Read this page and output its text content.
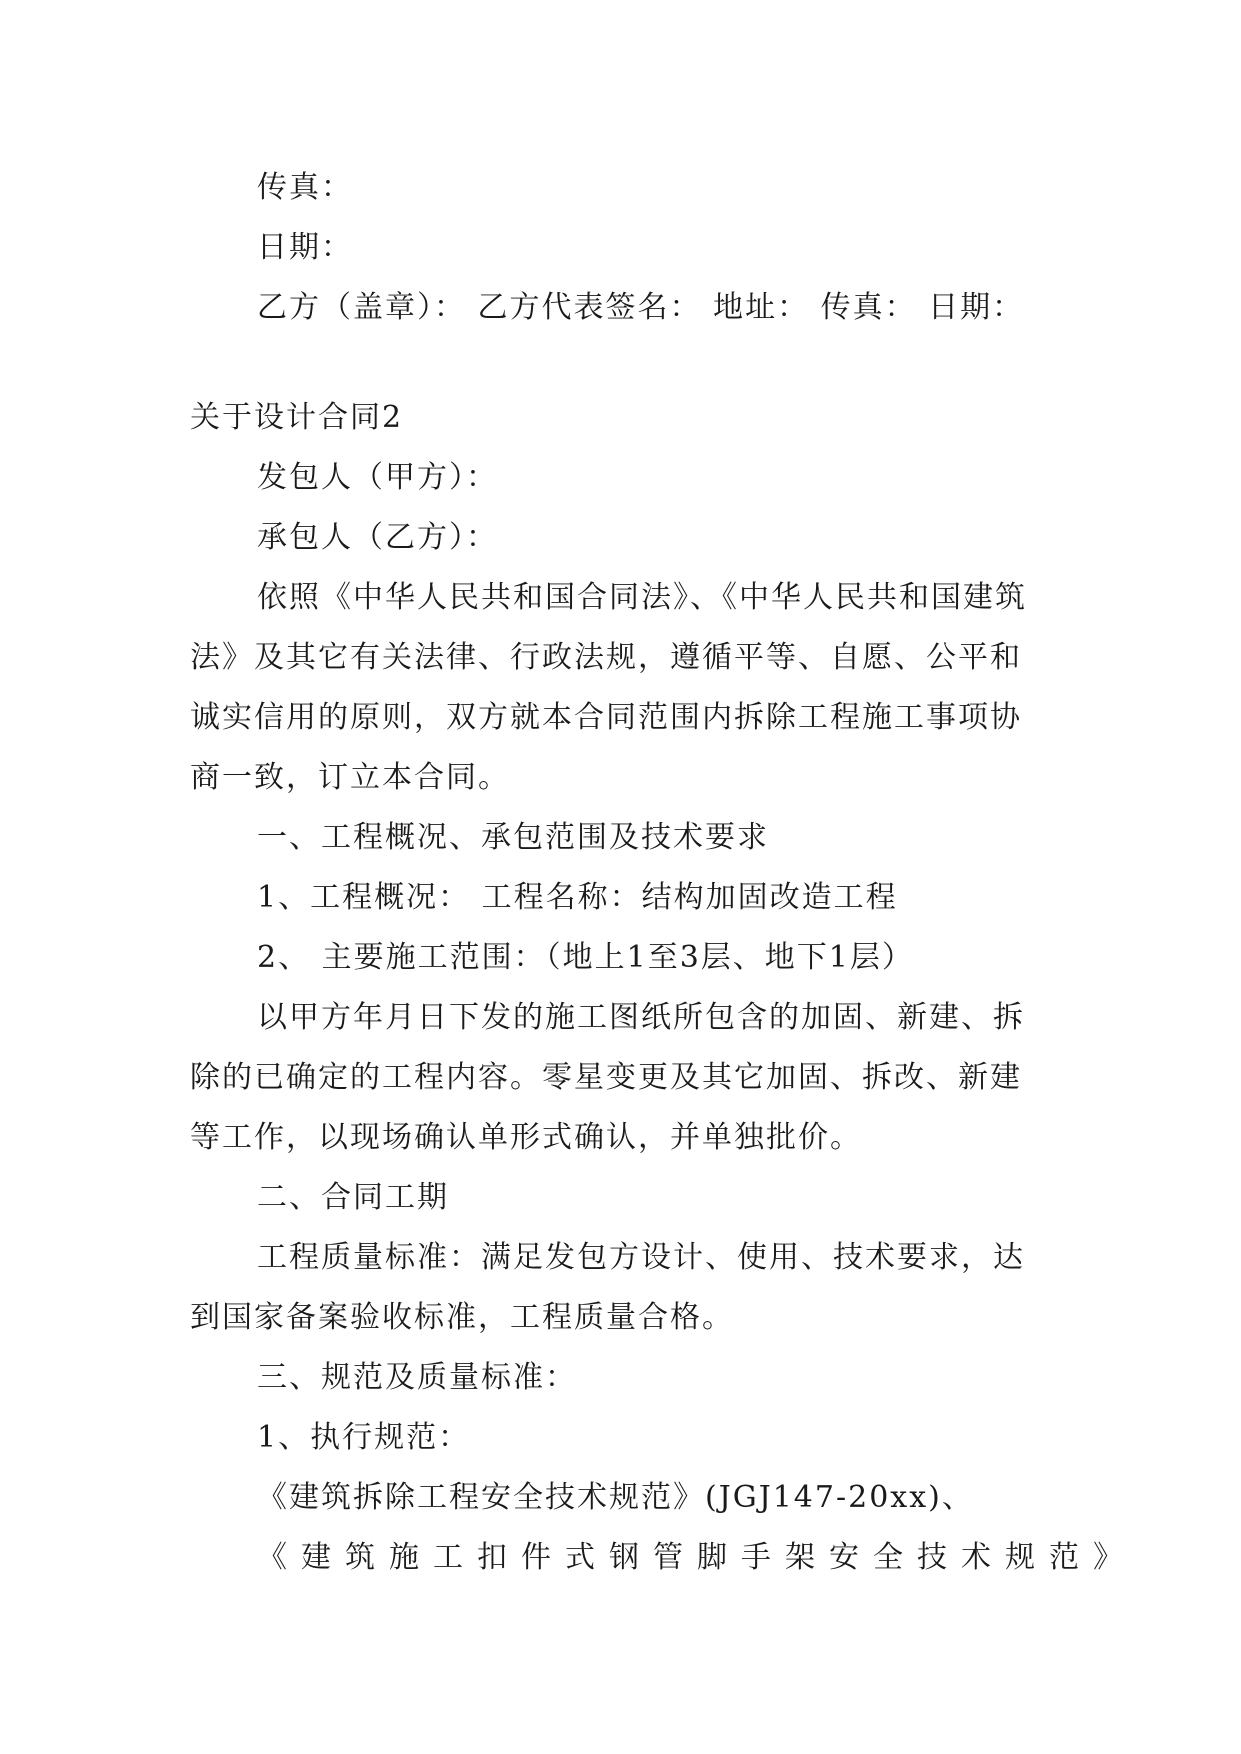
传真：
日期：
乙方（盖章）： 乙方代表签名： 地址： 传真： 日期：
关于设计合同2
发包人（甲方）：
承包人（乙方）：
依照《中华人民共和国合同法》、《中华人民共和国建筑
法》及其它有关法律、行政法规，遵循平等、自愿、公平和
诚实信用的原则，双方就本合同范围内拆除工程施工事项协
商一致，订立本合同。
一、工程概况、承包范围及技术要求
1、工程概况： 工程名称：结构加固改造工程
2、 主要施工范围：（地上1至3层、地下1层）
以甲方年月日下发的施工图纸所包含的加固、新建、拆
除的已确定的工程内容。零星变更及其它加固、拆改、新建
等工作，以现场确认单形式确认，并单独批价。
二、合同工期
工程质量标准：满足发包方设计、使用、技术要求，达
到国家备案验收标准，工程质量合格。
三、规范及质量标准：
1、执行规范：
《建筑拆除工程安全技术规范》(JGJ147-20xx)、
《建筑施工扣件式钢管脚手架安全技术规范》
